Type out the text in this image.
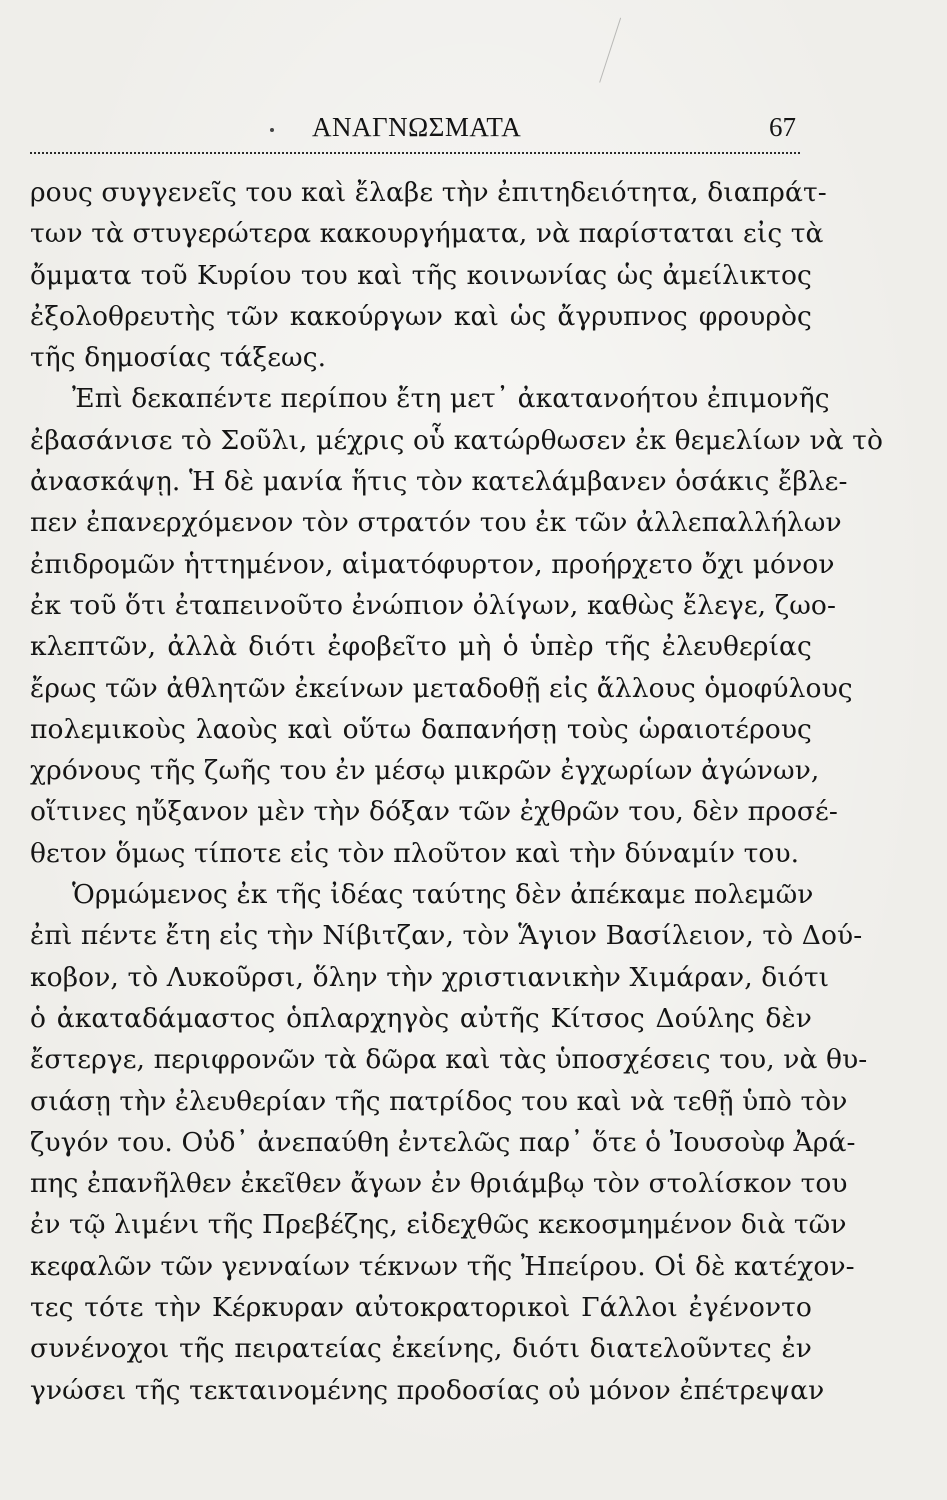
ΑΝΑΓΝΩΣΜΑΤΑ	67
ρους συγγενεῖς του καὶ ἔλαβε τὴν ἐπιτηδειότητα, διαπράτ-
των τὰ στυγερώτερα κακουργήματα, νὰ παρίσταται εἰς τὰ
ὄμματα τοῦ Κυρίου του καὶ τῆς κοινωνίας ὡς ἀμείλικτος
ἐξολοθρευτὴς τῶν κακούργων καὶ ὡς ἄγρυπνος φρουρὸς
τῆς δημοσίας τάξεως.
Ἐπὶ δεκαπέντε περίπου ἔτη μετ᾽ ἀκατανοήτου ἐπιμονῆς
ἐβασάνισε τὸ Σοῦλι, μέχρις οὗ κατώρθωσεν ἐκ θεμελίων νὰ τὸ
ἀνασκάψῃ. Ἡ δὲ μανία ἥτις τὸν κατελάμβανεν ὁσάκις ἔβλε-
πεν ἐπανερχόμενον τὸν στρατόν του ἐκ τῶν ἀλλεπαλλήλων
ἐπιδρομῶν ἡττημένον, αἱματόφυρτον, προήρχετο ὄχι μόνον
ἐκ τοῦ ὅτι ἐταπεινοῦτο ἐνώπιον ὀλίγων, καθὼς ἔλεγε, ζωο-
κλεπτῶν, ἀλλὰ διότι ἐφοβεῖτο μὴ ὁ ὑπὲρ τῆς ἐλευθερίας
ἔρως τῶν ἀθλητῶν ἐκείνων μεταδοθῇ εἰς ἄλλους ὁμοφύλους
πολεμικοὺς λαοὺς καὶ οὕτω δαπανήσῃ τοὺς ὡραιοτέρους
χρόνους τῆς ζωῆς του ἐν μέσῳ μικρῶν ἐγχωρίων ἀγώνων,
οἵτινες ηὔξανον μὲν τὴν δόξαν τῶν ἐχθρῶν του, δὲν προσέ-
θετον ὅμως τίποτε εἰς τὸν πλοῦτον καὶ τὴν δύναμίν του.
Ὁρμώμενος ἐκ τῆς ἰδέας ταύτης δὲν ἀπέκαμε πολεμῶν
ἐπὶ πέντε ἔτη εἰς τὴν Νίβιτζαν, τὸν Ἅγιον Βασίλειον, τὸ Δού-
κοβον, τὸ Λυκοῦρσι, ὅλην τὴν χριστιανικὴν Χιμάραν, διότι
ὁ ἀκαταδάμαστος ὁπλαρχηγὸς αὐτῆς Κίτσος Δούλης δὲν
ἔστεργε, περιφρονῶν τὰ δῶρα καὶ τὰς ὑποσχέσεις του, νὰ θυ-
σιάσῃ τὴν ἐλευθερίαν τῆς πατρίδος του καὶ νὰ τεθῇ ὑπὸ τὸν
ζυγόν του. Οὐδ᾽ ἀνεπαύθη ἐντελῶς παρ᾽ ὅτε ὁ Ἰουσοὺφ Ἀρά-
πης ἐπανῆλθεν ἐκεῖθεν ἄγων ἐν θριάμβῳ τὸν στολίσκον του
ἐν τῷ λιμένι τῆς Πρεβέζης, εἰδεχθῶς κεκοσμημένον διὰ τῶν
κεφαλῶν τῶν γενναίων τέκνων τῆς Ἠπείρου. Οἱ δὲ κατέχον-
τες τότε τὴν Κέρκυραν αὐτοκρατορικοὶ Γάλλοι ἐγένοντο
συνένοχοι τῆς πειρατείας ἐκείνης, διότι διατελοῦντες ἐν
γνώσει τῆς τεκταινομένης προδοσίας οὐ μόνον ἐπέτρεψαν
